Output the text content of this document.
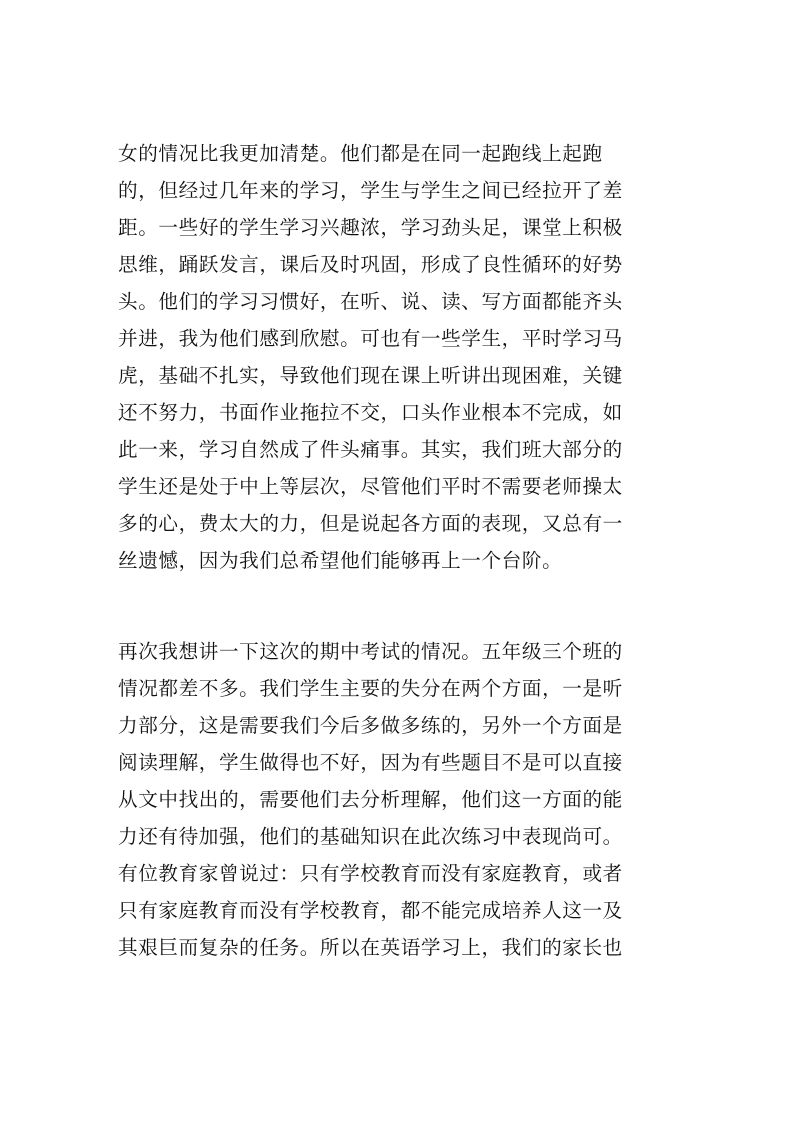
女的情况比我更加清楚。他们都是在同一起跑线上起跑
的，但经过几年来的学习，学生与学生之间已经拉开了差
距。一些好的学生学习兴趣浓，学习劲头足，课堂上积极
思维，踊跃发言，课后及时巩固，形成了良性循环的好势
头。他们的学习习惯好，在听、说、读、写方面都能齐头
并进，我为他们感到欣慰。可也有一些学生，平时学习马
虎，基础不扎实，导致他们现在课上听讲出现困难，关键
还不努力，书面作业拖拉不交，口头作业根本不完成，如
此一来，学习自然成了件头痛事。其实，我们班大部分的
学生还是处于中上等层次，尽管他们平时不需要老师操太
多的心，费太大的力，但是说起各方面的表现，又总有一
丝遗憾，因为我们总希望他们能够再上一个台阶。
再次我想讲一下这次的期中考试的情况。五年级三个班的
情况都差不多。我们学生主要的失分在两个方面，一是听
力部分，这是需要我们今后多做多练的，另外一个方面是
阅读理解，学生做得也不好，因为有些题目不是可以直接
从文中找出的，需要他们去分析理解，他们这一方面的能
力还有待加强，他们的基础知识在此次练习中表现尚可。
有位教育家曾说过：只有学校教育而没有家庭教育，或者
只有家庭教育而没有学校教育，都不能完成培养人这一及
其艰巨而复杂的任务。所以在英语学习上，我们的家长也
